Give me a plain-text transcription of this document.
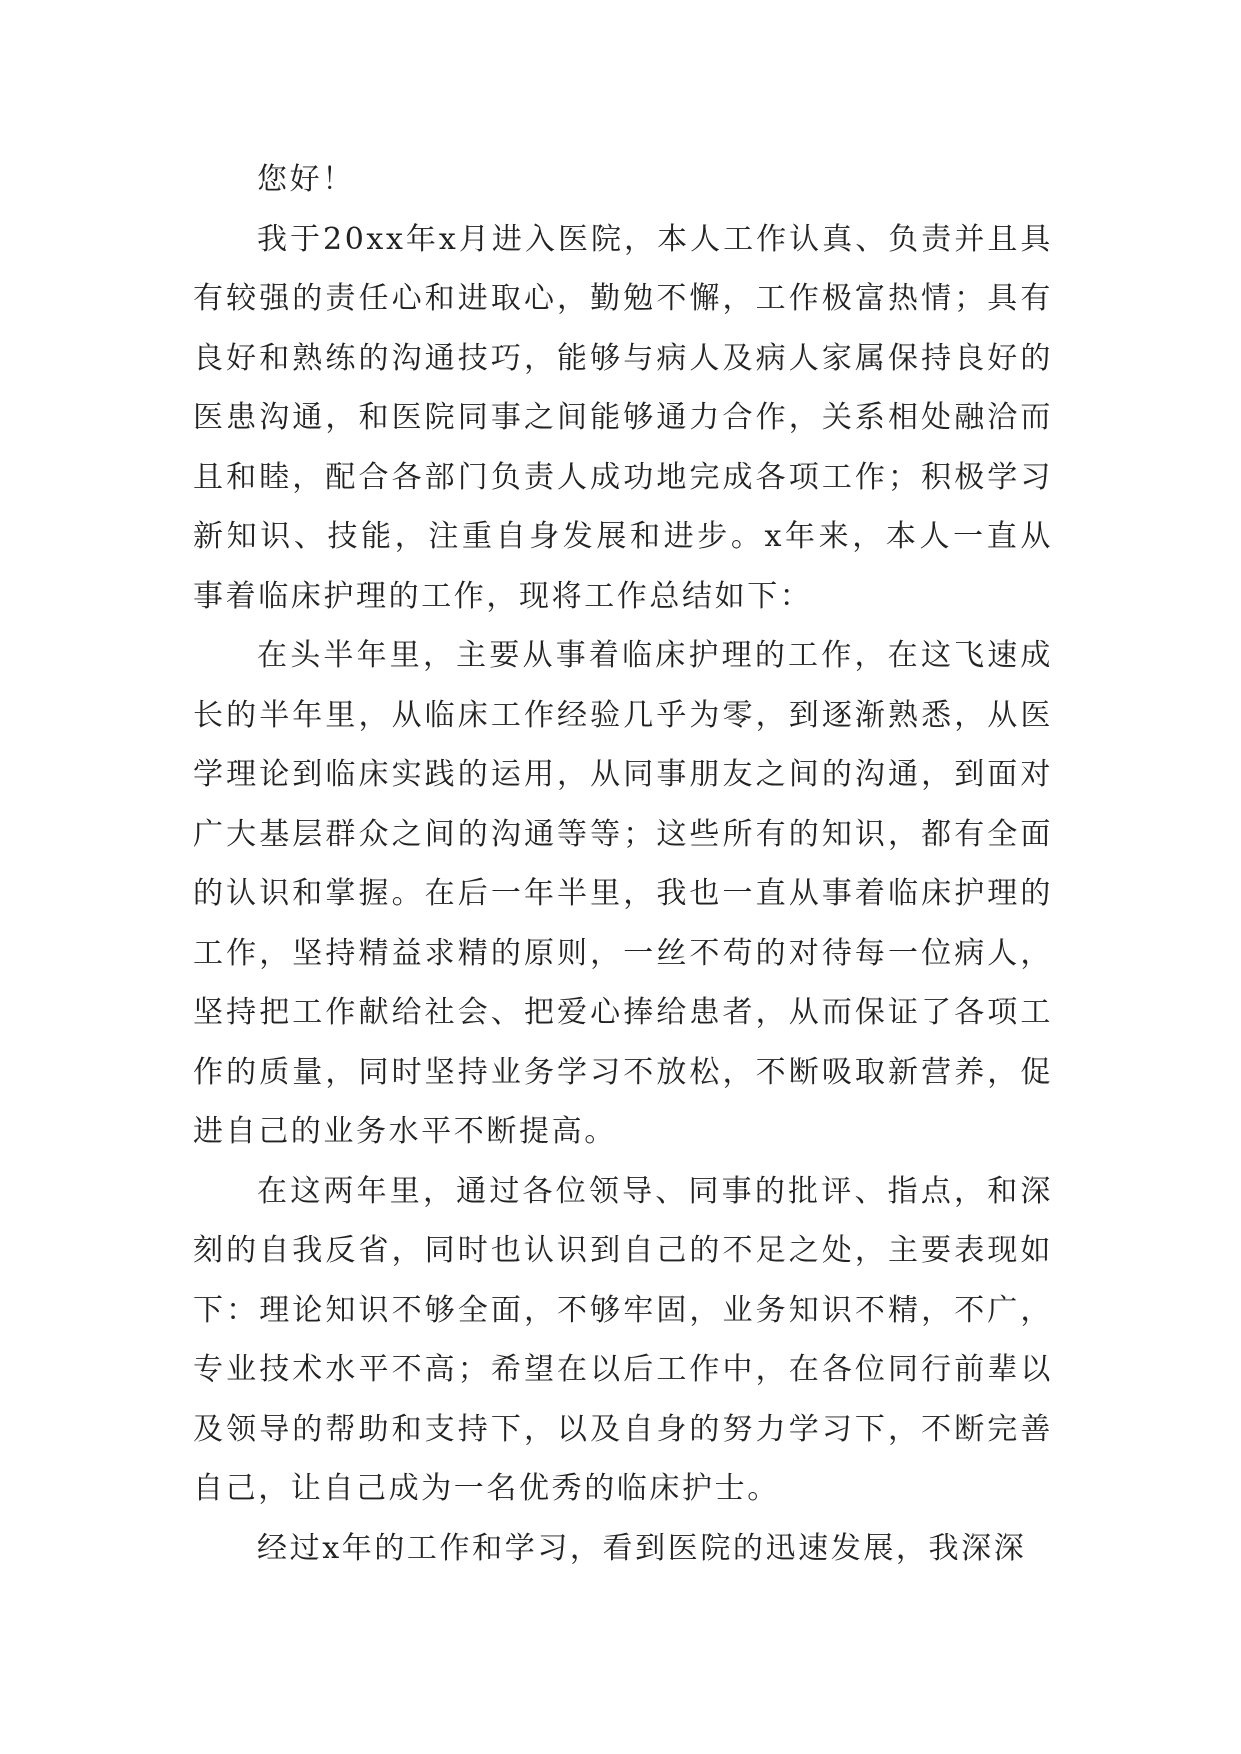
您好！

我于20xx年x月进入医院，本人工作认真、负责并且具有较强的责任心和进取心，勤勉不懈，工作极富热情；具有良好和熟练的沟通技巧，能够与病人及病人家属保持良好的医患沟通，和医院同事之间能够通力合作，关系相处融洽而且和睦，配合各部门负责人成功地完成各项工作；积极学习新知识、技能，注重自身发展和进步。x年来，本人一直从事着临床护理的工作，现将工作总结如下：

在头半年里，主要从事着临床护理的工作，在这飞速成长的半年里，从临床工作经验几乎为零，到逐渐熟悉，从医学理论到临床实践的运用，从同事朋友之间的沟通，到面对广大基层群众之间的沟通等等；这些所有的知识，都有全面的认识和掌握。在后一年半里，我也一直从事着临床护理的工作，坚持精益求精的原则，一丝不苟的对待每一位病人，坚持把工作献给社会、把爱心捧给患者，从而保证了各项工作的质量，同时坚持业务学习不放松，不断吸取新营养，促进自己的业务水平不断提高。

在这两年里，通过各位领导、同事的批评、指点，和深刻的自我反省，同时也认识到自己的不足之处，主要表现如下：理论知识不够全面，不够牢固，业务知识不精，不广，专业技术水平不高；希望在以后工作中，在各位同行前辈以及领导的帮助和支持下，以及自身的努力学习下，不断完善自己，让自己成为一名优秀的临床护士。

经过x年的工作和学习，看到医院的迅速发展，我深深
